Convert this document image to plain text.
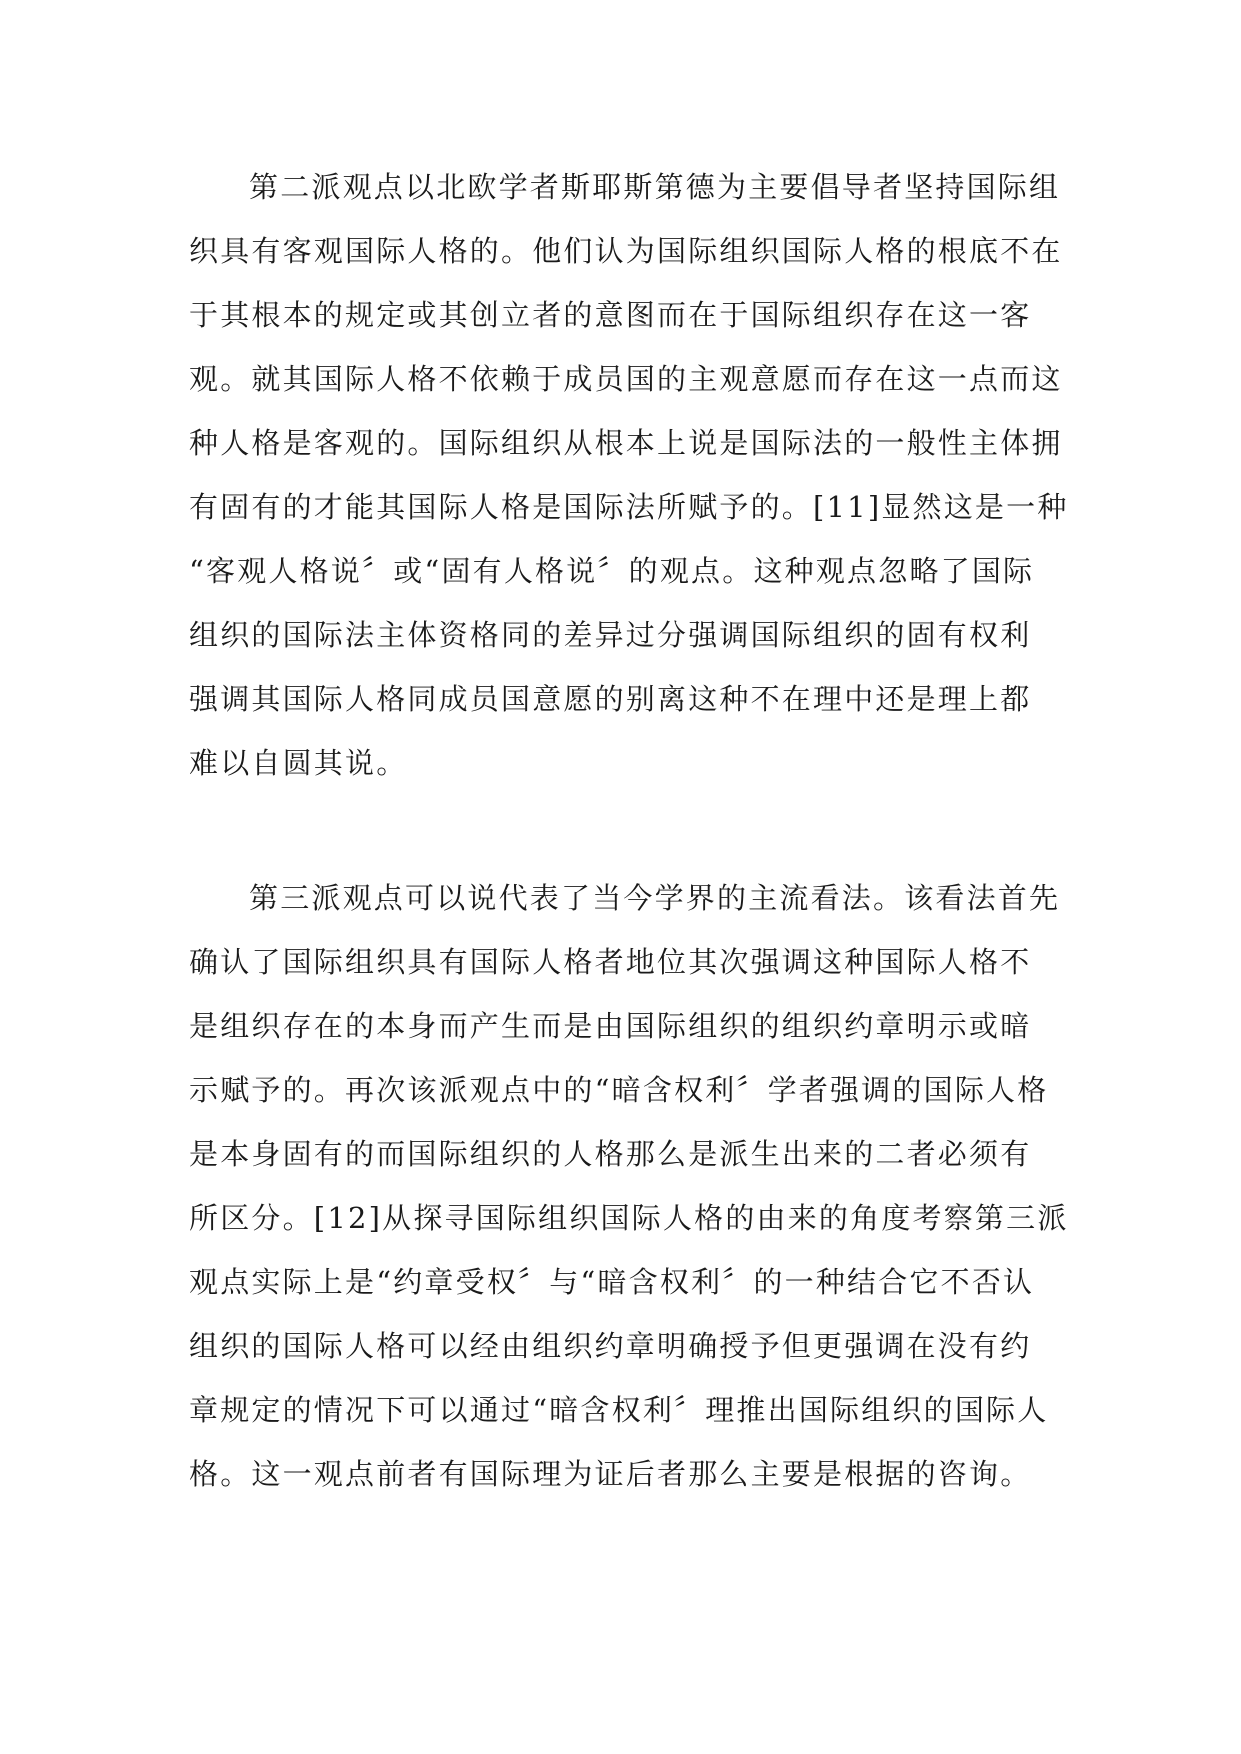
第二派观点以北欧学者斯耶斯第德为主要倡导者坚持国际组
织具有客观国际人格的。他们认为国际组织国际人格的根底不在
于其根本的规定或其创立者的意图而在于国际组织存在这一客
观。就其国际人格不依赖于成员国的主观意愿而存在这一点而这
种人格是客观的。国际组织从根本上说是国际法的一般性主体拥
有固有的才能其国际人格是国际法所赋予的。[11]显然这是一种
“客观人格说〞或“固有人格说〞的观点。这种观点忽略了国际
组织的国际法主体资格同的差异过分强调国际组织的固有权利
强调其国际人格同成员国意愿的别离这种不在理中还是理上都
难以自圆其说。
第三派观点可以说代表了当今学界的主流看法。该看法首先
确认了国际组织具有国际人格者地位其次强调这种国际人格不
是组织存在的本身而产生而是由国际组织的组织约章明示或暗
示赋予的。再次该派观点中的“暗含权利〞学者强调的国际人格
是本身固有的而国际组织的人格那么是派生出来的二者必须有
所区分。[12]从探寻国际组织国际人格的由来的角度考察第三派
观点实际上是“约章受权〞与“暗含权利〞的一种结合它不否认
组织的国际人格可以经由组织约章明确授予但更强调在没有约
章规定的情况下可以通过“暗含权利〞理推出国际组织的国际人
格。这一观点前者有国际理为证后者那么主要是根据的咨询。
